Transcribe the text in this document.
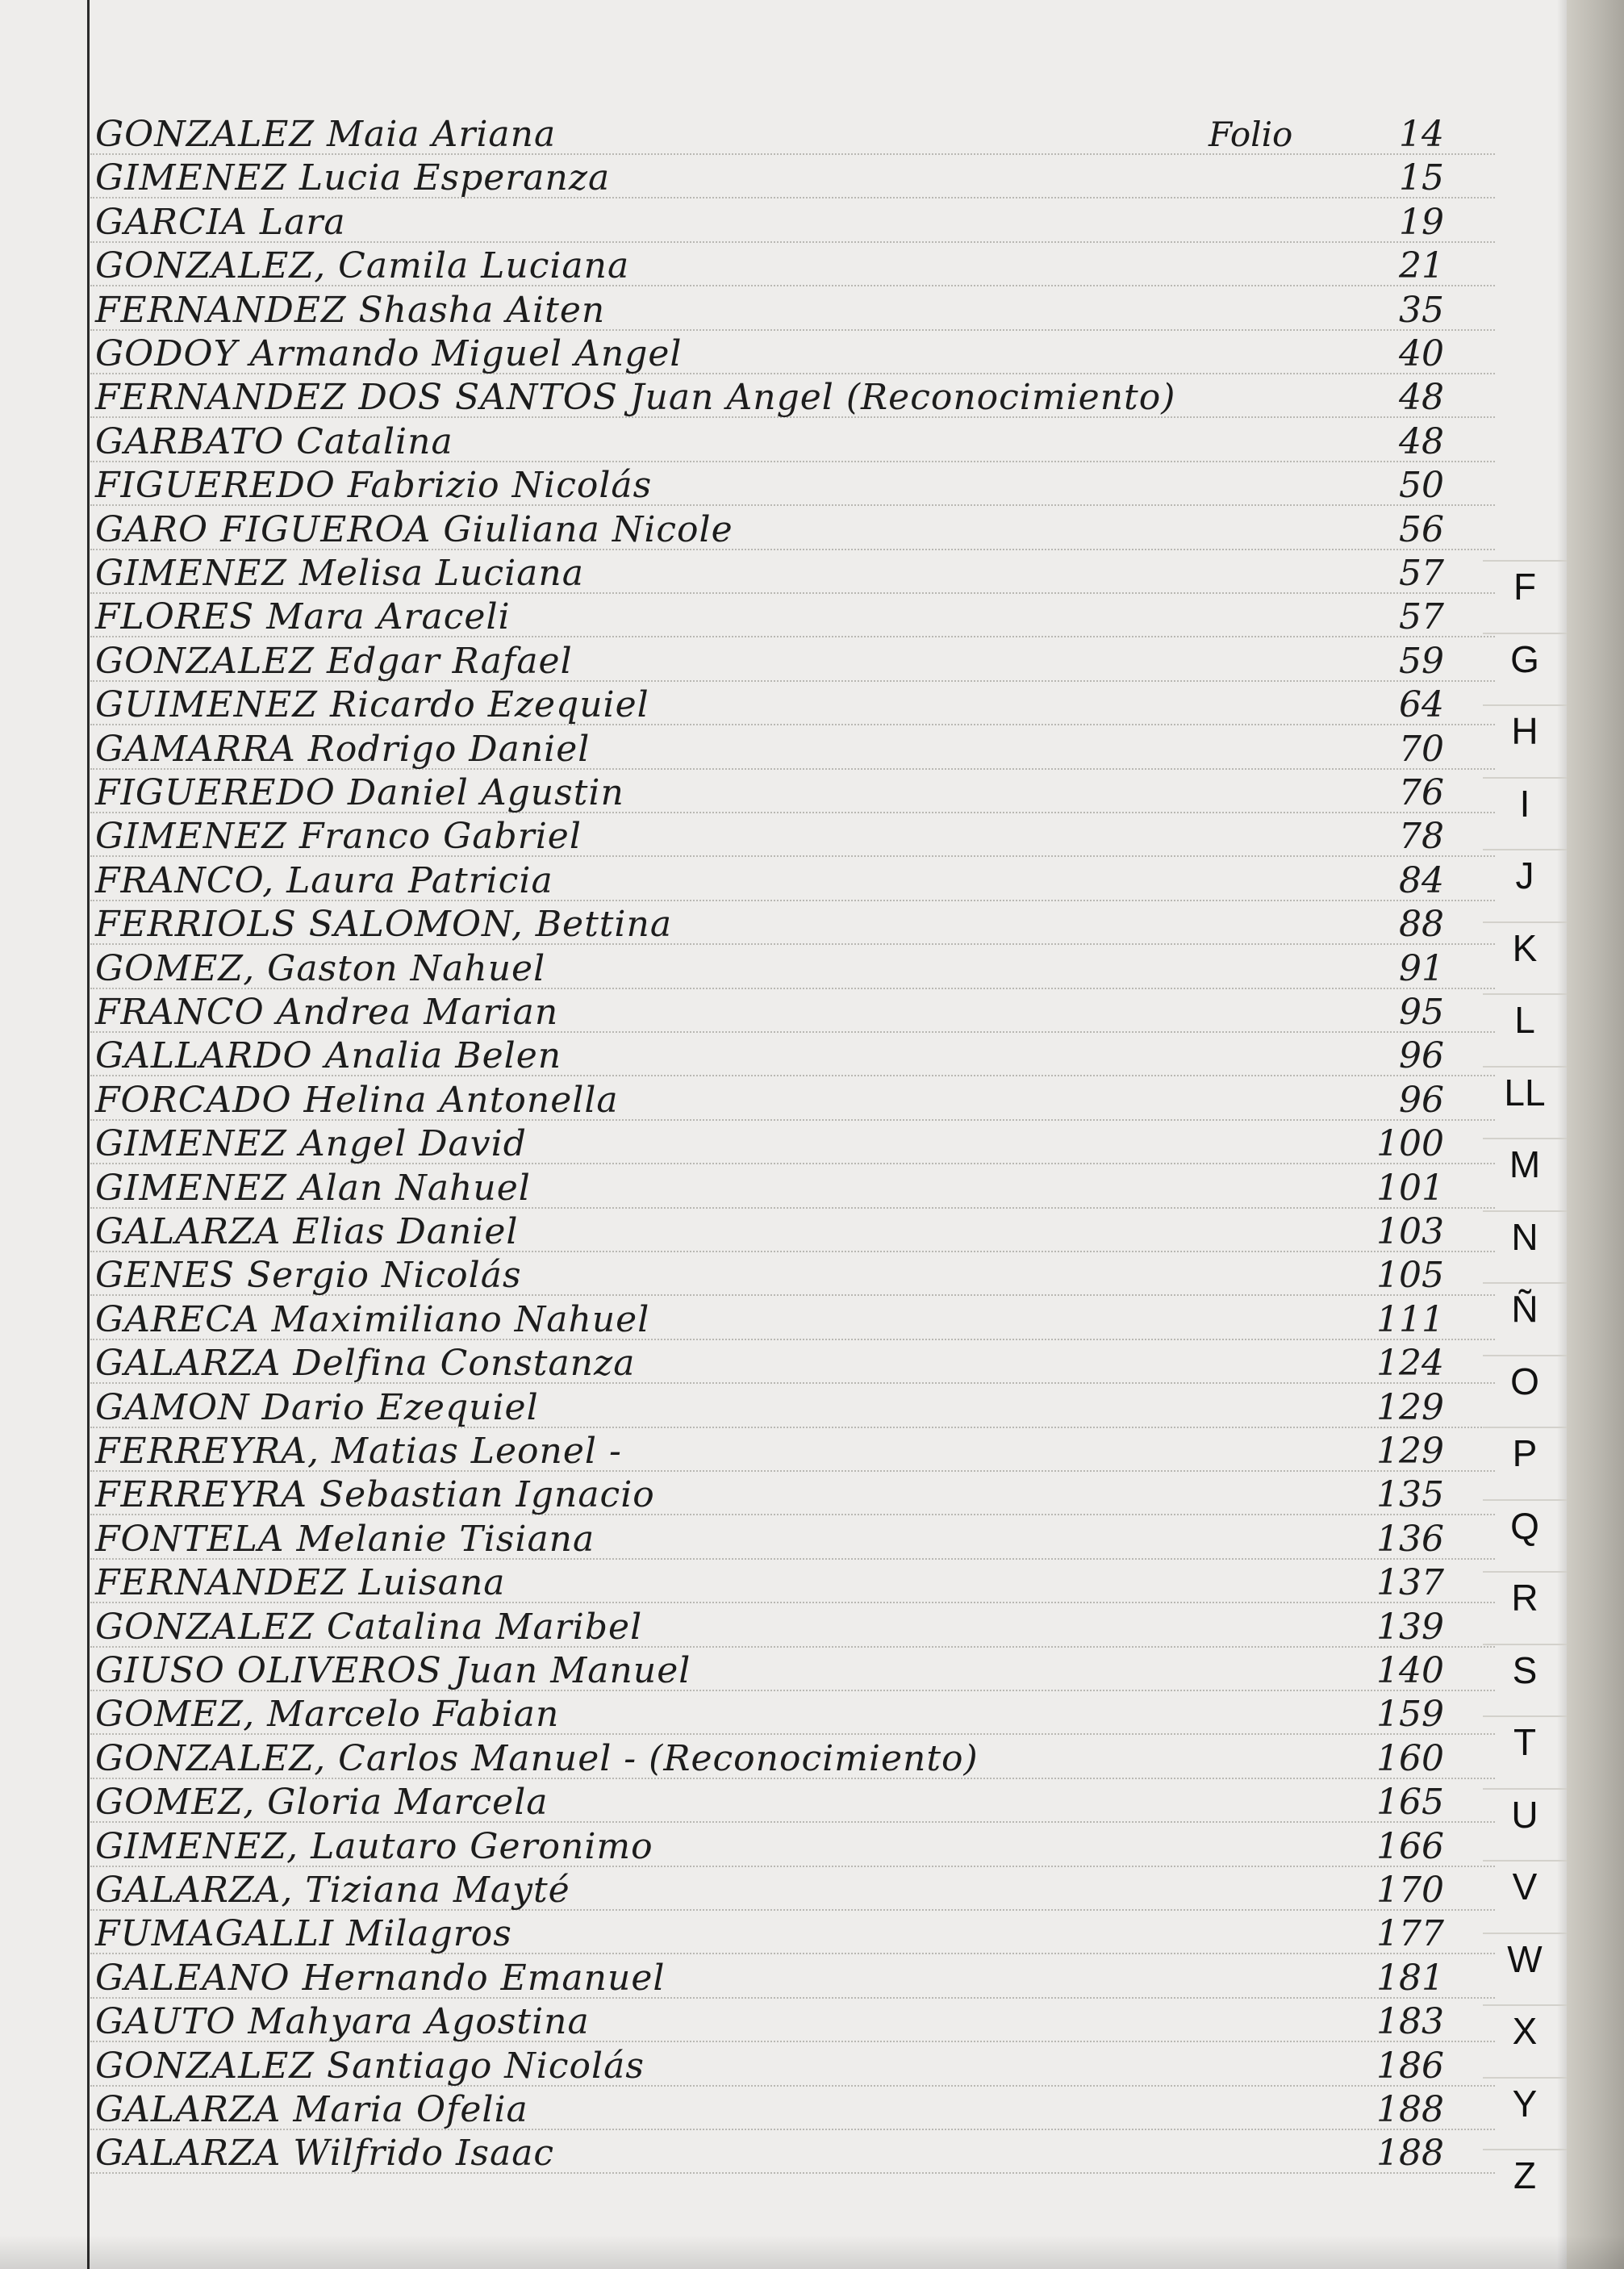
Folio
GONZALEZ Maia Ariana	14
GIMENEZ Lucia Esperanza	15
GARCIA Lara	19
GONZALEZ, Camila Luciana	21
FERNANDEZ Shasha Aiten	35
GODOY Armando Miguel Angel	40
FERNANDEZ DOS SANTOS Juan Angel (Reconocimiento)	48
GARBATO Catalina	48
FIGUEREDO Fabrizio Nicolás	50
GARO FIGUEROA Giuliana Nicole	56
GIMENEZ Melisa Luciana	57
FLORES Mara Araceli	57
GONZALEZ Edgar Rafael	59
GUIMENEZ Ricardo Ezequiel	64
GAMARRA Rodrigo Daniel	70
FIGUEREDO Daniel Agustin	76
GIMENEZ Franco Gabriel	78
FRANCO, Laura Patricia	84
FERRIOLS SALOMON, Bettina	88
GOMEZ, Gaston Nahuel	91
FRANCO Andrea Marian	95
GALLARDO Analia Belen	96
FORCADO Helina Antonella	96
GIMENEZ Angel David	100
GIMENEZ Alan Nahuel	101
GALARZA Elias Daniel	103
GENES Sergio Nicolás	105
GARECA Maximiliano Nahuel	111
GALARZA Delfina Constanza	124
GAMON Dario Ezequiel	129
FERREYRA, Matias Leonel -	129
FERREYRA Sebastian Ignacio	135
FONTELA Melanie Tisiana	136
FERNANDEZ Luisana	137
GONZALEZ Catalina Maribel	139
GIUSO OLIVEROS Juan Manuel	140
GOMEZ, Marcelo Fabian	159
GONZALEZ, Carlos Manuel - (Reconocimiento)	160
GOMEZ, Gloria Marcela	165
GIMENEZ, Lautaro Geronimo	166
GALARZA, Tiziana Mayté	170
FUMAGALLI Milagros	177
GALEANO Hernando Emanuel	181
GAUTO Mahyara Agostina	183
GONZALEZ Santiago Nicolás	186
GALARZA Maria Ofelia	188
GALARZA Wilfrido Isaac	188
F
G
H
I
J
K
L
LL
M
N
Ñ
O
P
Q
R
S
T
U
V
W
X
Y
Z
